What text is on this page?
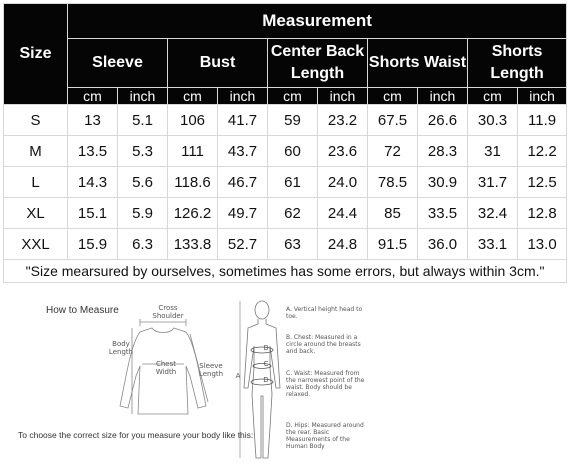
Size	Measurement									
	Sleeve		Bust		Center Back Length		Shorts Waist		Shorts Length	
	cm	inch	cm	inch	cm	inch	cm	inch	cm	inch
S	13	5.1	106	41.7	59	23.2	67.5	26.6	30.3	11.9
M	13.5	5.3	111	43.7	60	23.6	72	28.3	31	12.2
L	14.3	5.6	118.6	46.7	61	24.0	78.5	30.9	31.7	12.5
XL	15.1	5.9	126.2	49.7	62	24.4	85	33.5	32.4	12.8
XXL	15.9	6.3	133.8	52.7	63	24.8	91.5	36.0	33.1	13.0
"Size mearsured by ourselves, sometimes has some errors, but always within 3cm."										
How to Measure	Cross Shoulder
Body Length
Chest Width
Sleeve Length
To choose the correct size for you measure your body like this:
A
B
C
D
A. Vertical height head to toe.
B. Chest: Measured in a circle around the breasts and back.
C. Waist: Measured from the narrowest point of the waist. Body should be relaxed.
D. Hips: Measured around the rear. Basic Measurements of the Human Body
